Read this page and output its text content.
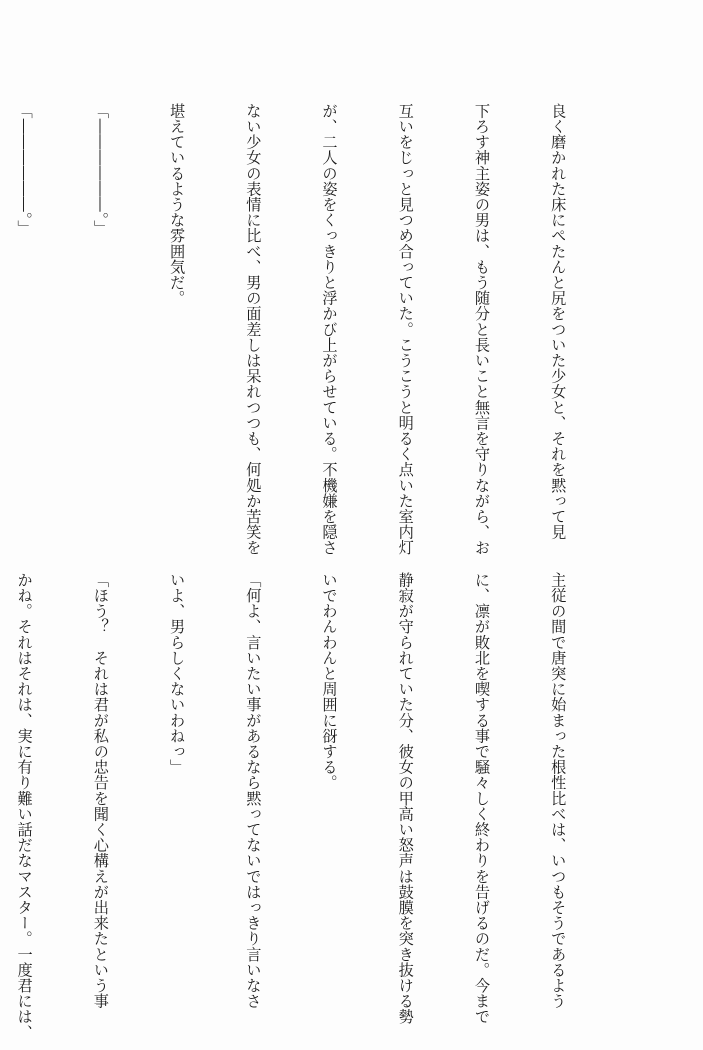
良く磨かれた床にぺたんと尻をついた少女と、それを黙って見

下ろす神主姿の男は、もう随分と長いこと無言を守りながら、お

互いをじっと見つめ合っていた。こうこうと明るく点いた室内灯

が、二人の姿をくっきりと浮かび上がらせている。不機嫌を隠さ

ない少女の表情に比べ、男の面差しは呆れつつも、何処か苦笑を

堪えているような雰囲気だ。

「――――――。」

「――――――。」

主従の間で唐突に始まった根性比べは、いつもそうであるよう

に、凛が敗北を喫する事で騒々しく終わりを告げるのだ。今まで

静寂が守られていた分、彼女の甲高い怒声は鼓膜を突き抜ける勢

いでわんわんと周囲に谺する。

「何よ、言いたい事があるなら黙ってないではっきり言いなさ

いよ、男らしくないわねっ」

「ほう？　それは君が私の忠告を聞く心構えが出来たという事

かね。それはそれは、実に有り難い話だなマスター。一度君には、
